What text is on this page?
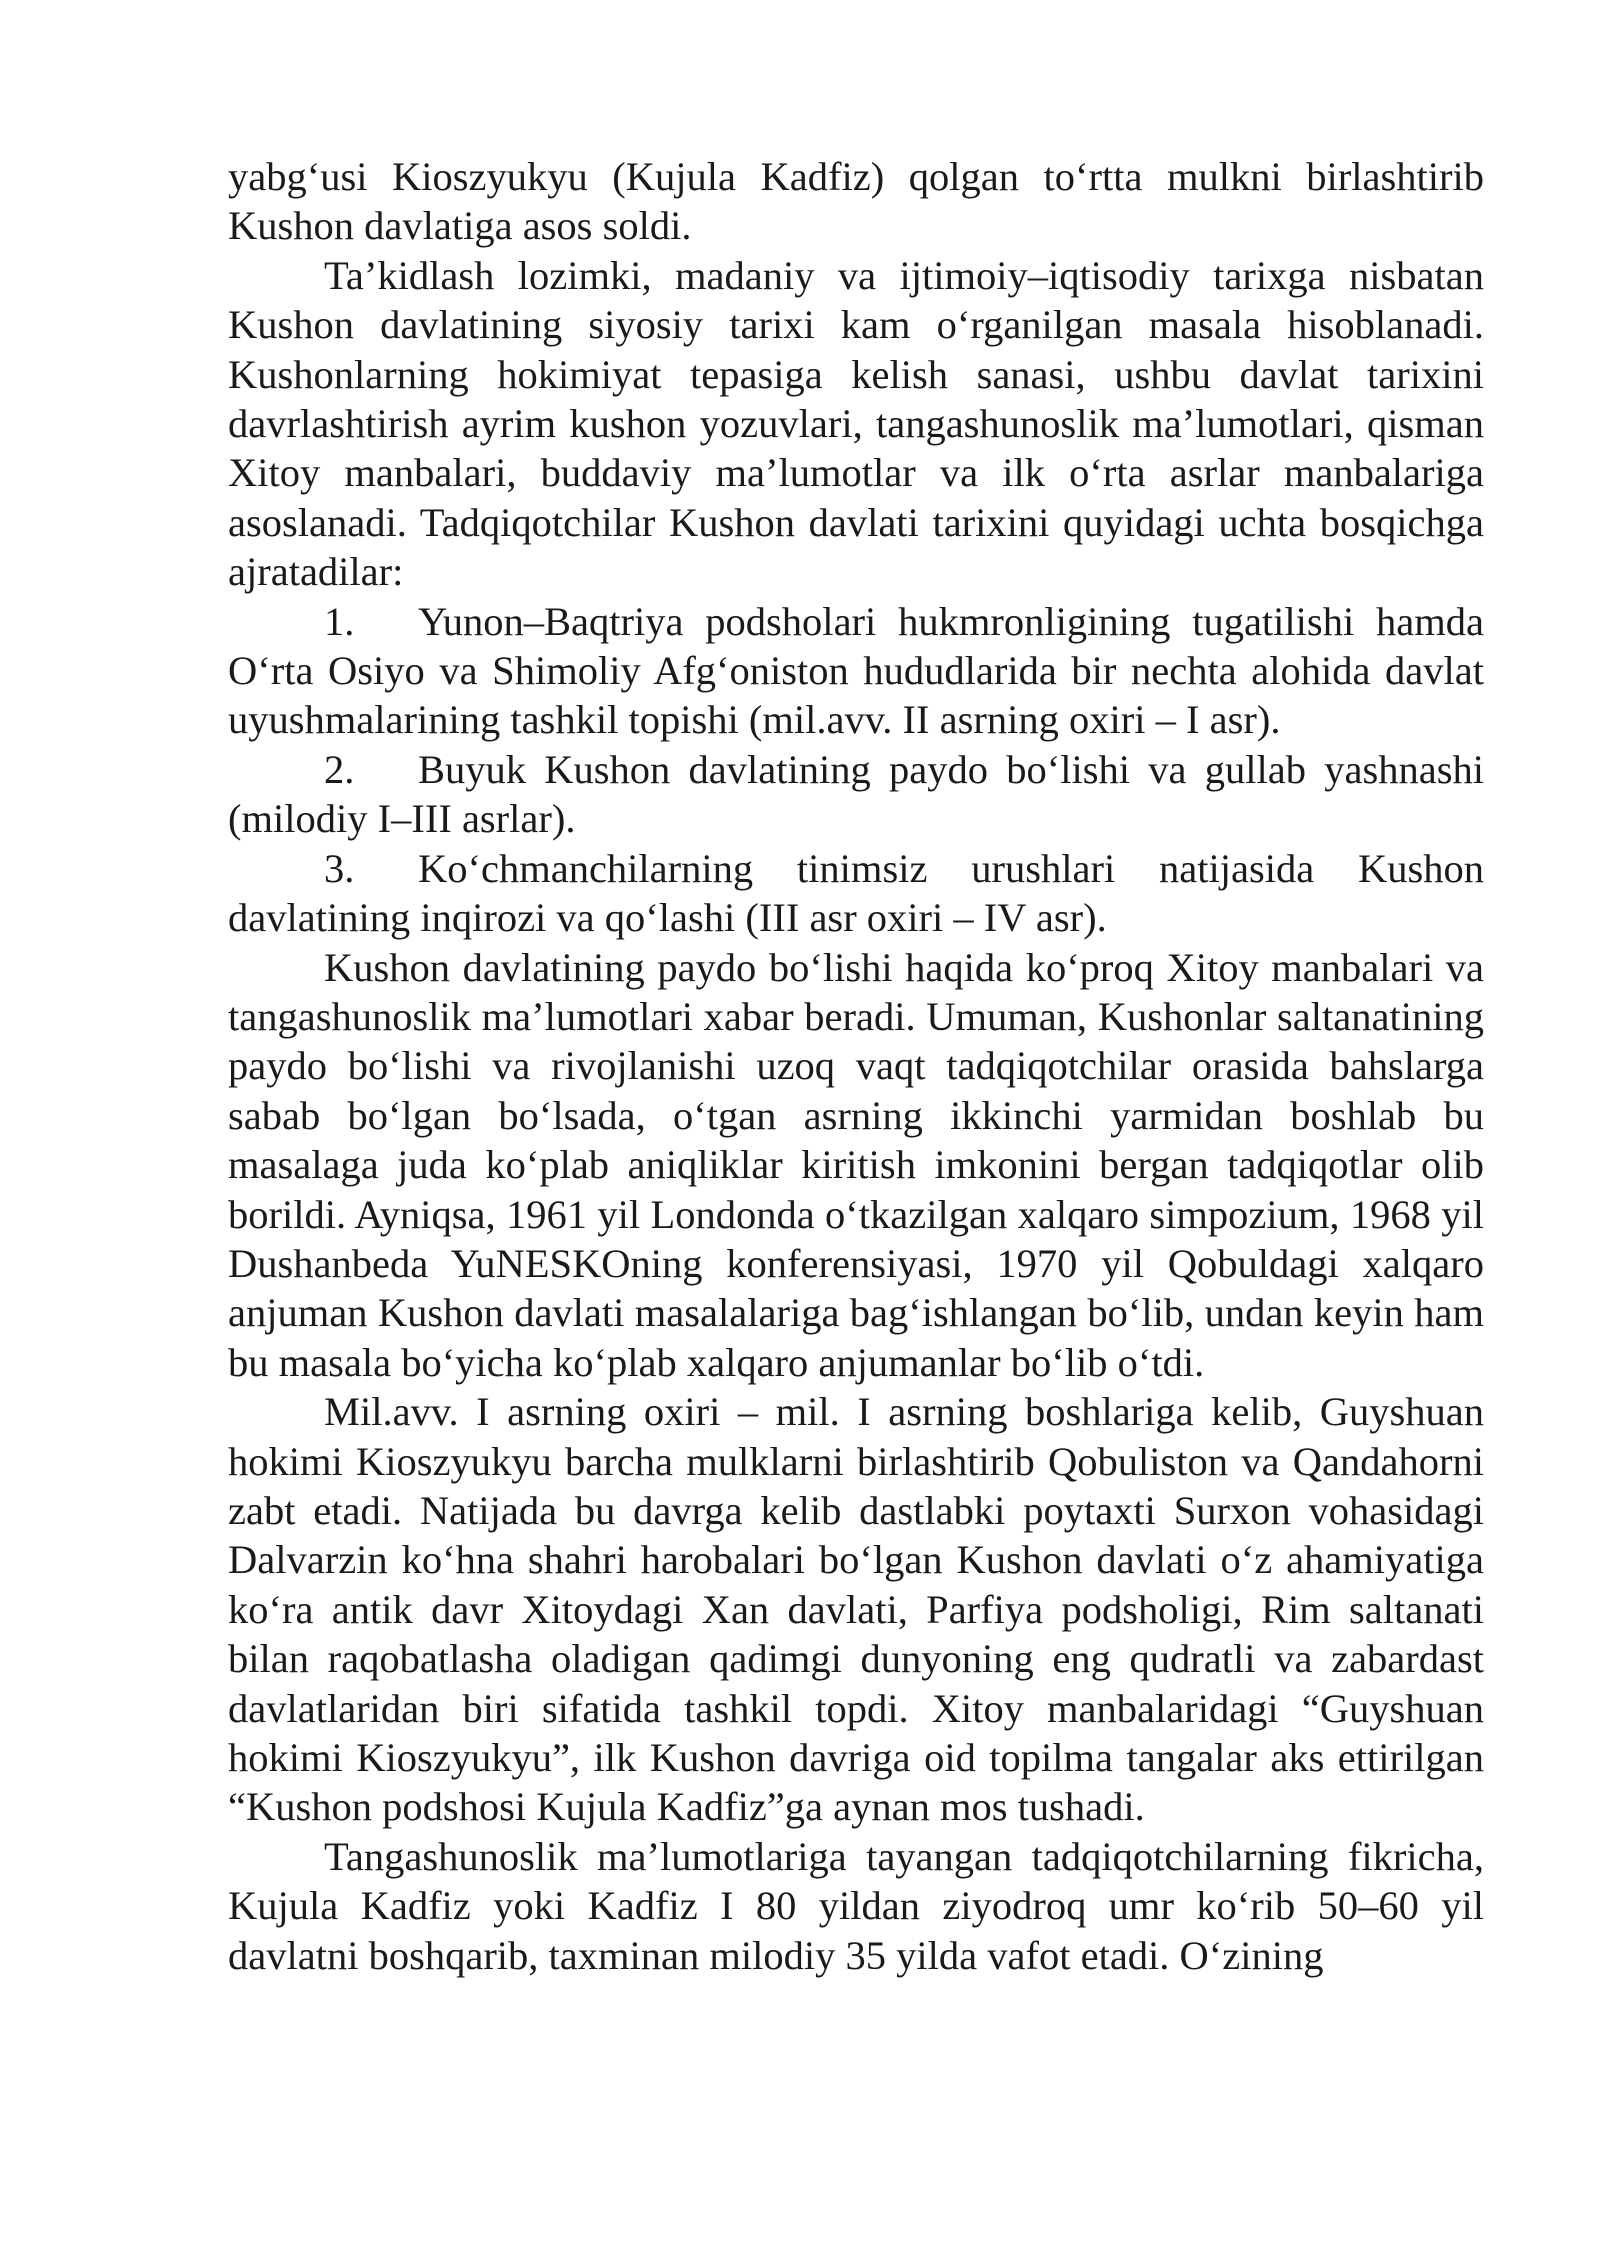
yabg‘usi Kioszyukyu (Kujula Kadfiz) qolgan to‘rtta mulkni birlashtirib Kushon davlatiga asos soldi.

Ta’kidlash lozimki, madaniy va ijtimoiy–iqtisodiy tarixga nisbatan Kushon davlatining siyosiy tarixi kam o‘rganilgan masala hisoblanadi. Kushonlarning hokimiyat tepasiga kelish sanasi, ushbu davlat tarixini davrlashtirish ayrim kushon yozuvlari, tangashunoslik ma’lumotlari, qisman Xitoy manbalari, buddaviy ma’lumotlar va ilk o‘rta asrlar manbalariga asoslanadi. Tadqiqotchilar Kushon davlati tarixini quyidagi uchta bosqichga ajratadilar:

1. Yunon–Baqtriya podsholari hukmronligining tugatilishi hamda O‘rta Osiyo va Shimoliy Afg‘oniston hududlarida bir nechta alohida davlat uyushmalarining tashkil topishi (mil.avv. II asrning oxiri – I asr).

2. Buyuk Kushon davlatining paydo bo‘lishi va gullab yashnashi (milodiy I–III asrlar).

3. Ko‘chmanchilarning tinimsiz urushlari natijasida Kushon davlatining inqirozi va qo‘lashi (III asr oxiri – IV asr).

Kushon davlatining paydo bo‘lishi haqida ko‘proq Xitoy manbalari va tangashunoslik ma’lumotlari xabar beradi. Umuman, Kushonlar saltanatining paydo bo‘lishi va rivojlanishi uzoq vaqt tadqiqotchilar orasida bahslarga sabab bo‘lgan bo‘lsada, o‘tgan asrning ikkinchi yarmidan boshlab bu masalaga juda ko‘plab aniqliklar kiritish imkonini bergan tadqiqotlar olib borildi. Ayniqsa, 1961 yil Londonda o‘tkazilgan xalqaro simpozium, 1968 yil Dushanbeda YuNESKOning konferensiyasi, 1970 yil Qobuldagi xalqaro anjuman Kushon davlati masalalariga bag‘ishlangan bo‘lib, undan keyin ham bu masala bo‘yicha ko‘plab xalqaro anjumanlar bo‘lib o‘tdi.

Mil.avv. I asrning oxiri – mil. I asrning boshlariga kelib, Guyshuan hokimi Kioszyukyu barcha mulklarni birlashtirib Qobuliston va Qandahorni zabt etadi. Natijada bu davrga kelib dastlabki poytaxti Surxon vohasidagi Dalvarzin ko‘hna shahri harobalari bo‘lgan Kushon davlati o‘z ahamiyatiga ko‘ra antik davr Xitoydagi Xan davlati, Parfiya podsholigi, Rim saltanati bilan raqobatlasha oladigan qadimgi dunyoning eng qudratli va zabardast davlatlaridan biri sifatida tashkil topdi. Xitoy manbalaridagi “Guyshuan hokimi Kioszyukyu”, ilk Kushon davriga oid topilma tangalar aks ettirilgan “Kushon podshosi Kujula Kadfiz”ga aynan mos tushadi.

Tangashunoslik ma’lumotlariga tayangan tadqiqotchilarning fikricha, Kujula Kadfiz yoki Kadfiz I 80 yildan ziyodroq umr ko‘rib 50–60 yil davlatni boshqarib, taxminan milodiy 35 yilda vafot etadi. O‘zining
